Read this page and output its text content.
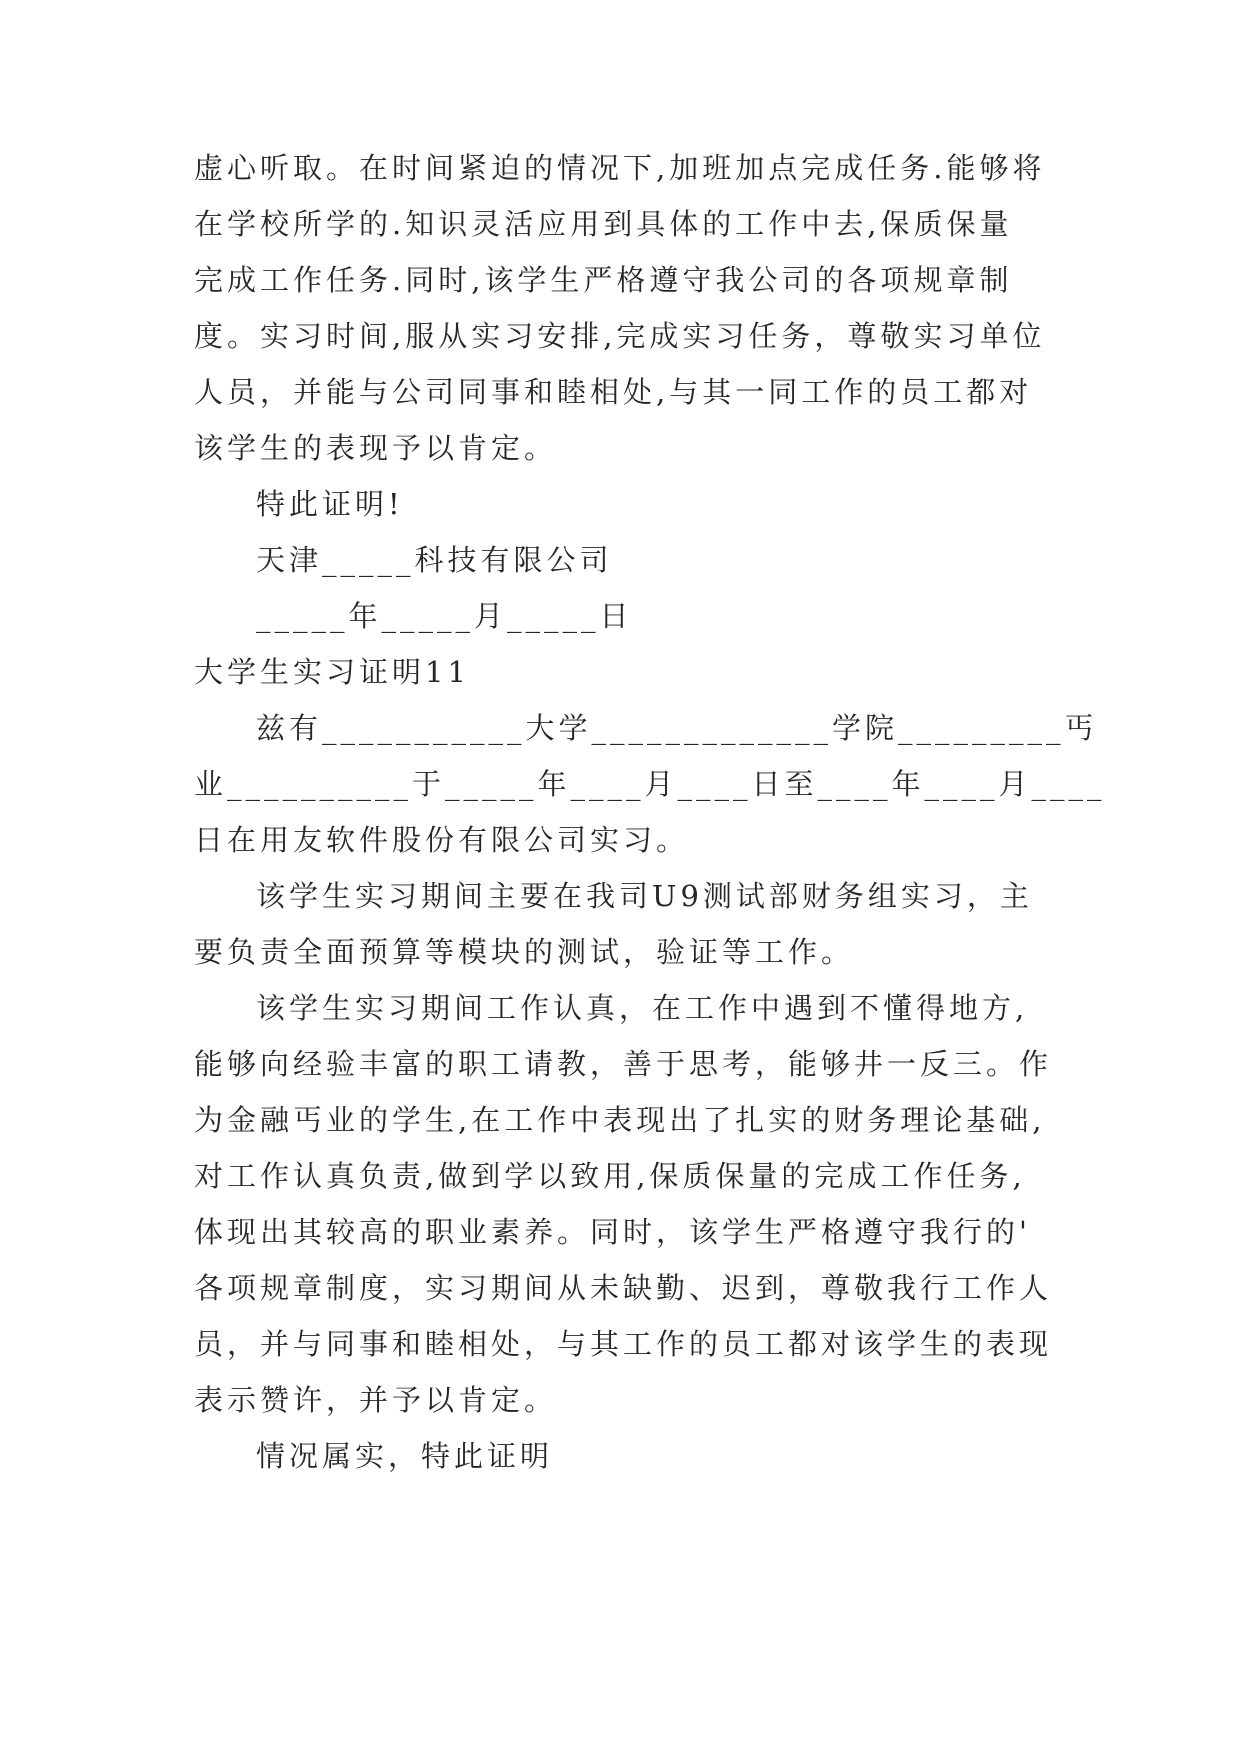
虚心听取。在时间紧迫的情况下,加班加点完成任务.能够将
在学校所学的.知识灵活应用到具体的工作中去,保质保量
完成工作任务.同时,该学生严格遵守我公司的各项规章制
度。实习时间,服从实习安排,完成实习任务，尊敬实习单位
人员，并能与公司同事和睦相处,与其一同工作的员工都对
该学生的表现予以肯定。
特此证明!
天津_____科技有限公司
_____年_____月_____日
大学生实习证明11
兹有___________大学_____________学院_________丐
业__________于_____年____月____日至____年____月____
日在用友软件股份有限公司实习。
该学生实习期间主要在我司U9测试部财务组实习，主
要负责全面预算等模块的测试，验证等工作。
该学生实习期间工作认真，在工作中遇到不懂得地方,
能够向经验丰富的职工请教，善于思考，能够井一反三。作
为金融丐业的学生,在工作中表现出了扎实的财务理论基础,
对工作认真负责,做到学以致用,保质保量的完成工作任务,
体现出其较高的职业素养。同时，该学生严格遵守我行的'
各项规章制度，实习期间从未缺勤、迟到，尊敬我行工作人
员，并与同事和睦相处，与其工作的员工都对该学生的表现
表示赞许，并予以肯定。
情况属实，特此证明
